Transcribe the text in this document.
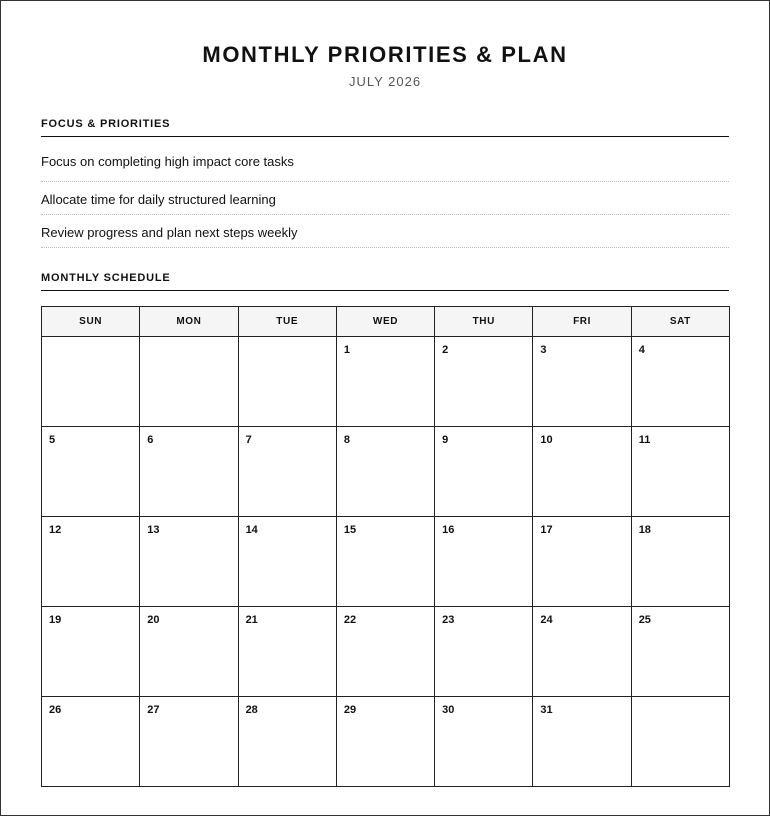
MONTHLY PRIORITIES & PLAN
JULY 2026
FOCUS & PRIORITIES
Focus on completing high impact core tasks
Allocate time for daily structured learning
Review progress and plan next steps weekly
MONTHLY SCHEDULE
SUN	MON	TUE	WED	THU	FRI	SAT

			1	2	3	4

5	6	7	8	9	10	11

12	13	14	15	16	17	18

19	20	21	22	23	24	25

26	27	28	29	30	31	
